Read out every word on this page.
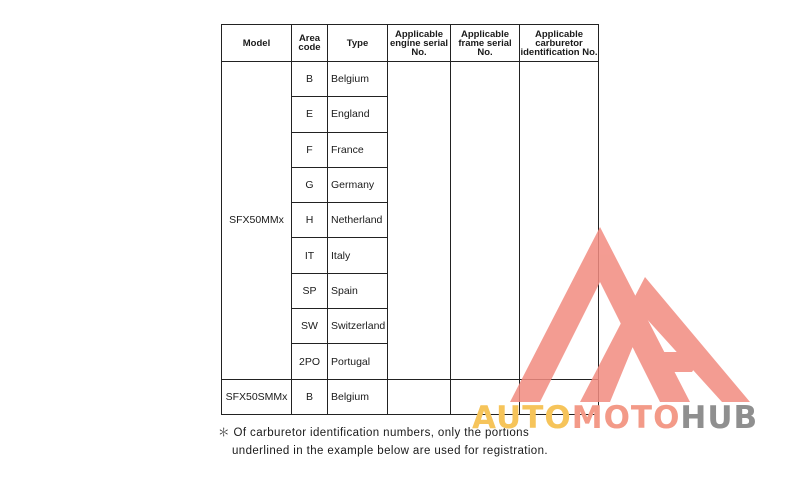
Model	Area code	Type	Applicable engine serial No.	Applicable frame serial No.	Applicable carburetor identification No.
SFX50MMx	B	Belgium			
	E	England			
	F	France			
	G	Germany			
	H	Netherland			
	IT	Italy			
	SP	Spain			
	SW	Switzerland			
	2PO	Portugal			
SFX50SMMx	B	Belgium			
＊ Of carburetor identification numbers, only the portions
underlined in the example below are used for registration.
AUTOMOTOHUB
